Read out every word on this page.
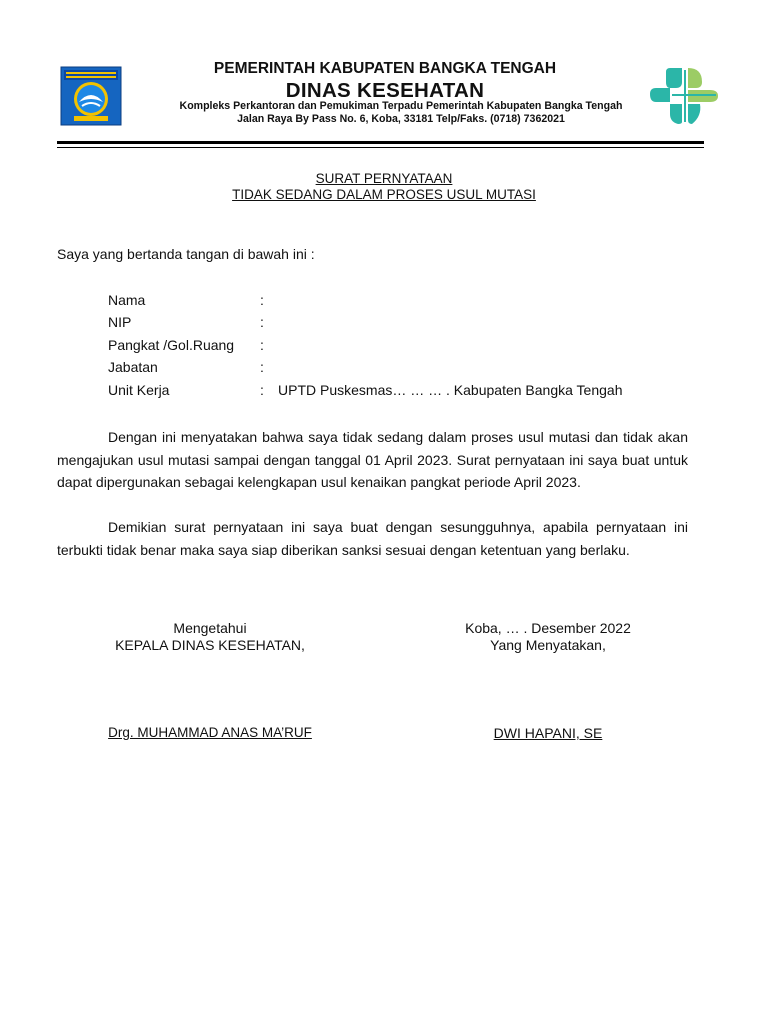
PEMERINTAH KABUPATEN BANGKA TENGAH
DINAS KESEHATAN
Kompleks Perkantoran dan Pemukiman Terpadu Pemerintah Kabupaten Bangka Tengah
Jalan Raya By Pass No. 6, Koba, 33181 Telp/Faks. (0718) 7362021
SURAT PERNYATAAN
TIDAK SEDANG DALAM PROSES USUL MUTASI
Saya yang bertanda tangan di bawah ini :
Nama	:
NIP	:
Pangkat /Gol.Ruang :
Jabatan	:
Unit Kerja	: UPTD Puskesmas… … … . Kabupaten Bangka Tengah

Dengan ini menyatakan bahwa saya tidak sedang dalam proses usul mutasi dan tidak akan mengajukan usul mutasi sampai dengan tanggal 01 April 2023. Surat pernyataan ini saya buat untuk dapat dipergunakan sebagai kelengkapan usul kenaikan pangkat periode April 2023.

Demikian surat pernyataan ini saya buat dengan sesungguhnya, apabila pernyataan ini terbukti tidak benar maka saya siap diberikan sanksi sesuai dengan ketentuan yang berlaku.

Mengetahui
KEPALA DINAS KESEHATAN,
Koba, … . Desember 2022
Yang Menyatakan,
Drg. MUHAMMAD ANAS MA’RUF	DWI HAPANI, SE
